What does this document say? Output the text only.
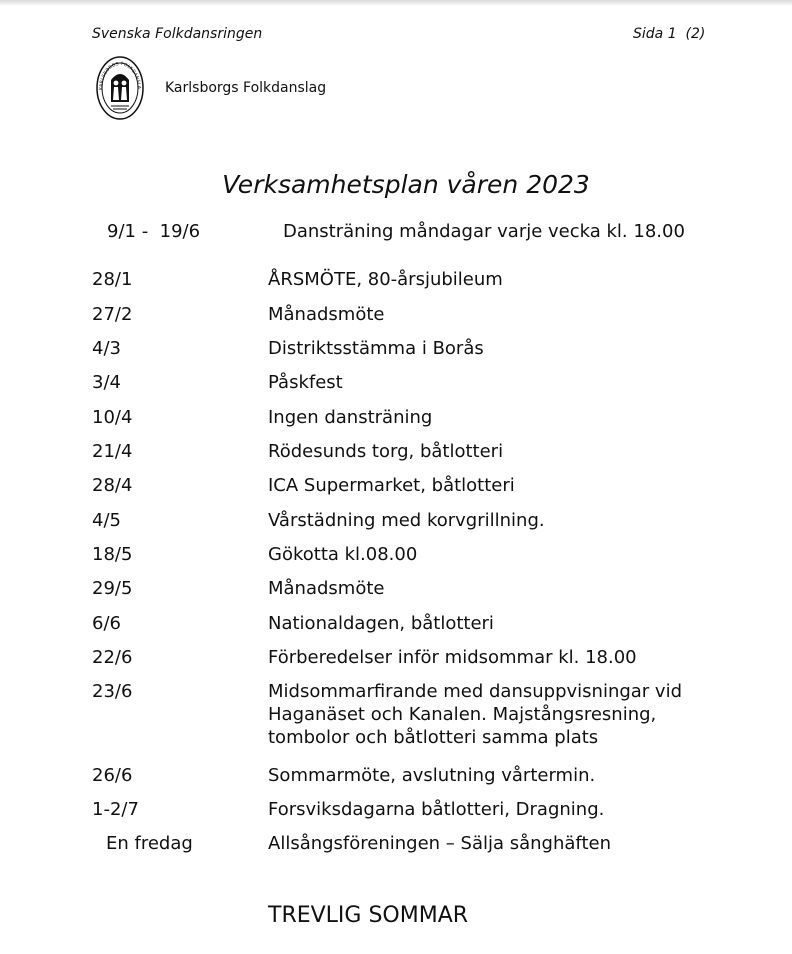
Svenska Folkdansringen	Sida 1  (2)
KARLSBORGS FOLKDANSLA Karlsborgs Folkdanslag
Verksamhetsplan våren 2023
9/1 -  19/6	Dansträning måndagar varje vecka kl. 18.00
28/1	ÅRSMÖTE, 80-årsjubileum
27/2	Månadsmöte
4/3	Distriktsstämma i Borås
3/4	Påskfest
10/4	Ingen dansträning
21/4	Rödesunds torg, båtlotteri
28/4	ICA Supermarket, båtlotteri
4/5	Vårstädning med korvgrillning.
18/5	Gökotta kl.08.00
29/5	Månadsmöte
6/6	Nationaldagen, båtlotteri
22/6	Förberedelser inför midsommar kl. 18.00
23/6	Midsommarfirande med dansuppvisningar vid Haganäset och Kanalen. Majstångsresning, tombolor och båtlotteri samma plats
26/6	Sommarmöte, avslutning vårtermin.
1-2/7	Forsviksdagarna båtlotteri, Dragning.
En fredag	Allsångsföreningen – Sälja sånghäften
TREVLIG SOMMAR
